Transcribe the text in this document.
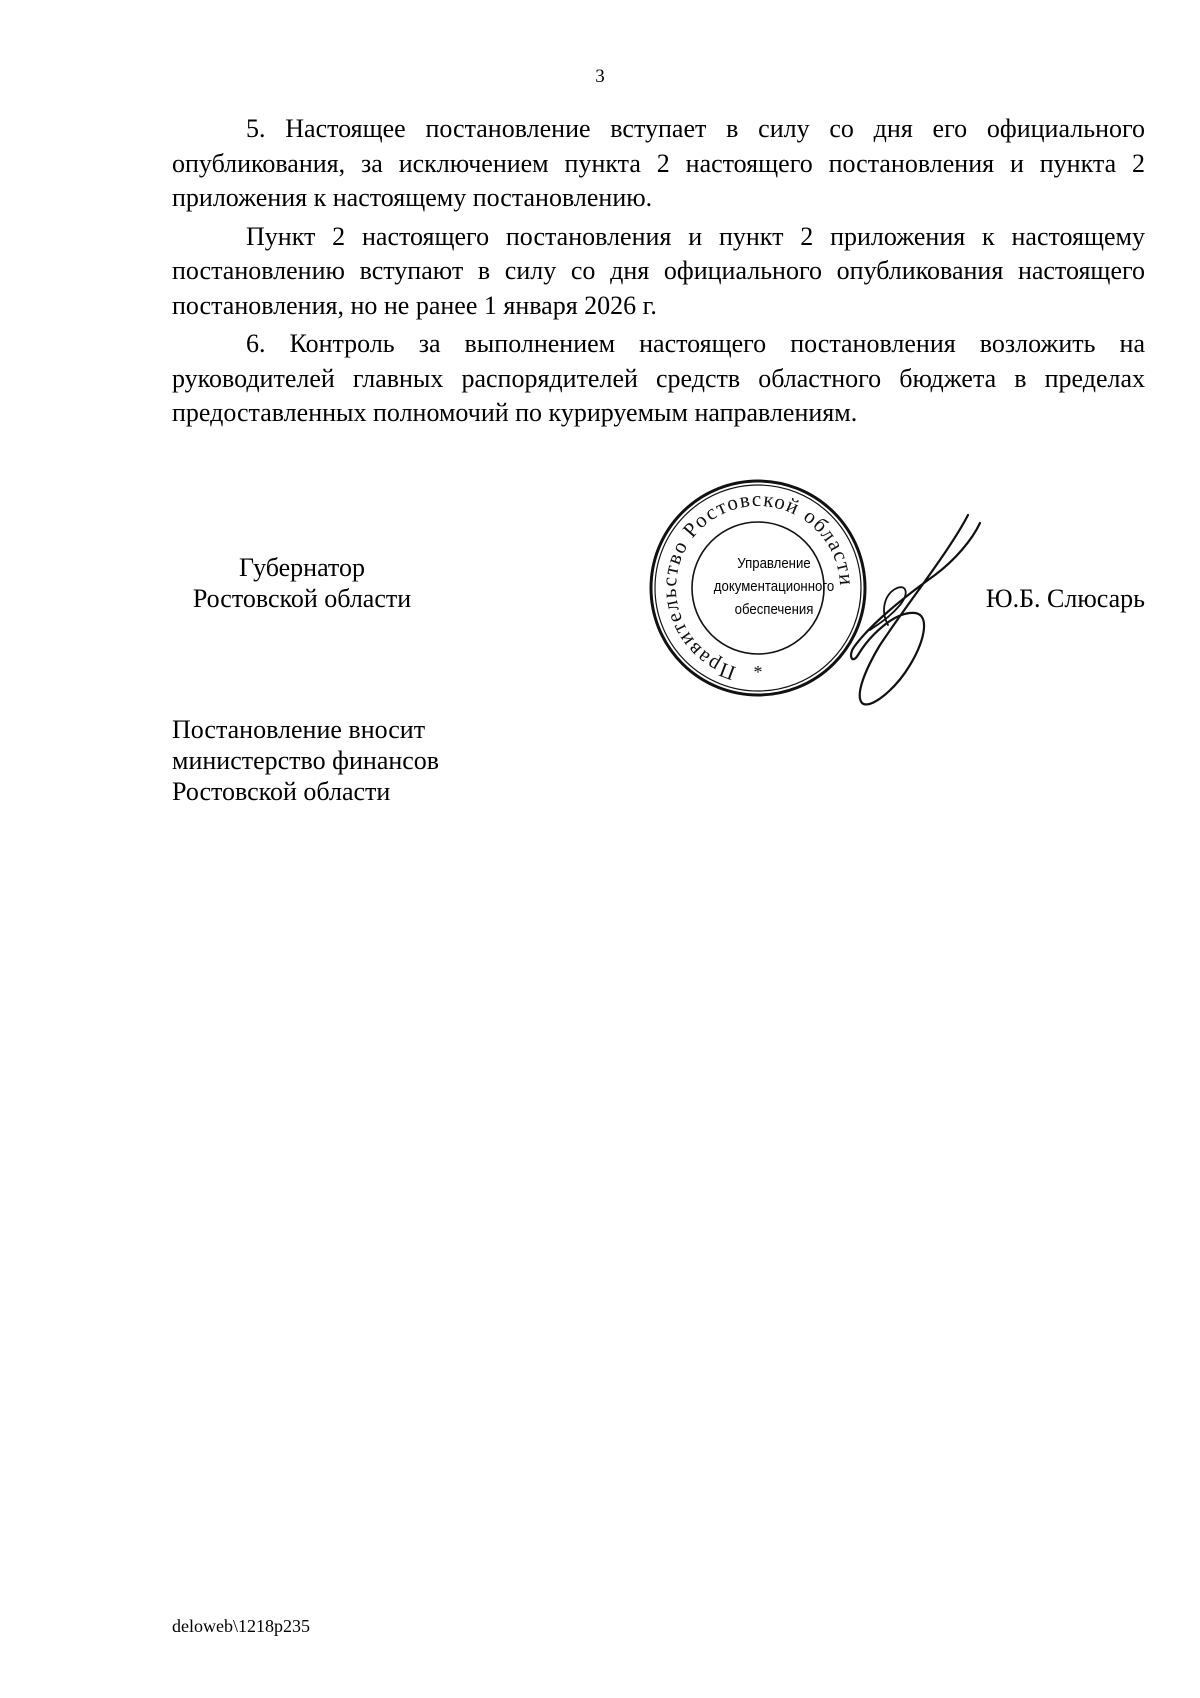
3

5. Настоящее постановление вступает в силу со дня его официального опубликования, за исключением пункта 2 настоящего постановления и пункта 2 приложения к настоящему постановлению.

Пункт 2 настоящего постановления и пункт 2 приложения к настоящему постановлению вступают в силу со дня официального опубликования настоящего постановления, но не ранее 1 января 2026 г.

6. Контроль за выполнением настоящего постановления возложить на руководителей главных распорядителей средств областного бюджета в пределах предоставленных полномочий по курируемым направлениям.

Губернатор
Ростовской области
Правительство Ростовской области
*
Управление
документационного
обеспечения	Ю.Б. Слюсарь
Постановление вносит
министерство финансов
Ростовской области
deloweb\1218p235
